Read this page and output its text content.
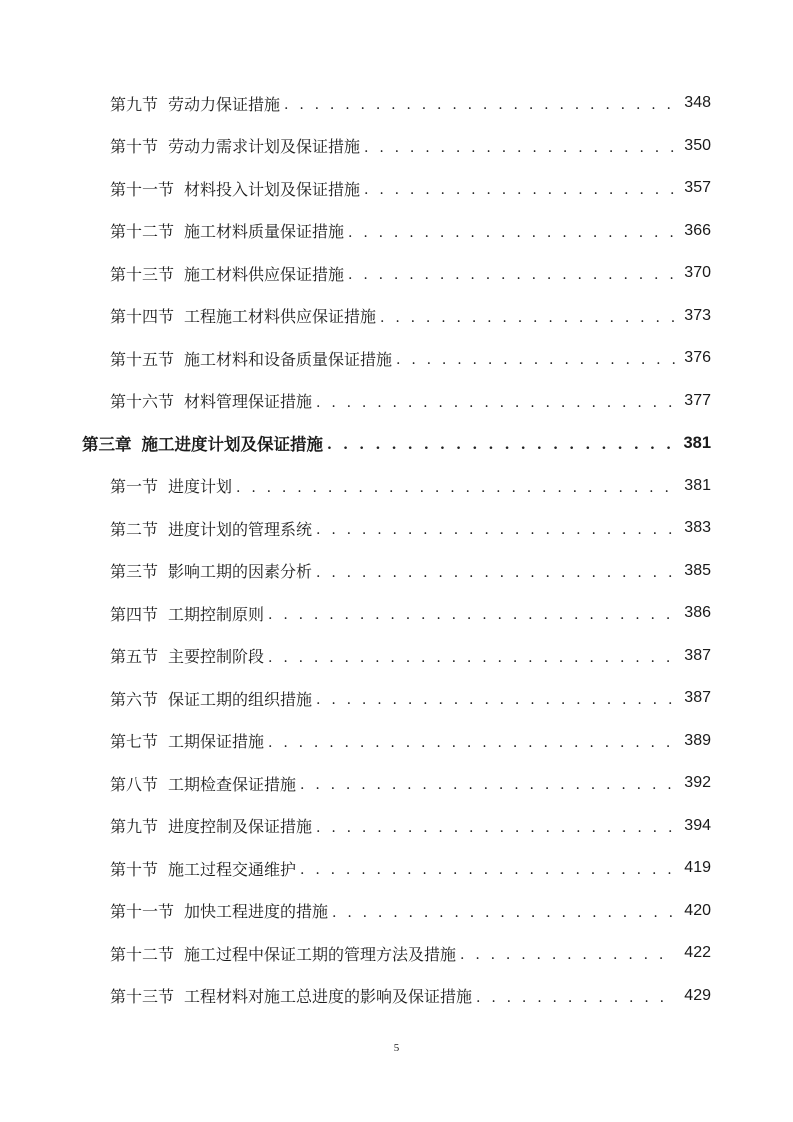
第九节 劳动力保证措施 . . .	348
第十节 劳动力需求计划及保证措施 . . .	350
第十一节 材料投入计划及保证措施 . . .	357
第十二节 施工材料质量保证措施 . . .	366
第十三节 施工材料供应保证措施 . . .	370
第十四节 工程施工材料供应保证措施 . . .	373
第十五节 施工材料和设备质量保证措施 . . .	376
第十六节 材料管理保证措施 . . .	377
第三章 施工进度计划及保证措施 . . .	381
第一节 进度计划 . . .	381
第二节 进度计划的管理系统 . . .	383
第三节 影响工期的因素分析 . . .	385
第四节 工期控制原则 . . .	386
第五节 主要控制阶段 . . .	387
第六节 保证工期的组织措施 . . .	387
第七节 工期保证措施 . . .	389
第八节 工期检查保证措施 . . .	392
第九节 进度控制及保证措施 . . .	394
第十节 施工过程交通维护 . . .	419
第十一节 加快工程进度的措施 . . .	420
第十二节 施工过程中保证工期的管理方法及措施 . . .	422
第十三节 工程材料对施工总进度的影响及保证措施 . . .	429
5
